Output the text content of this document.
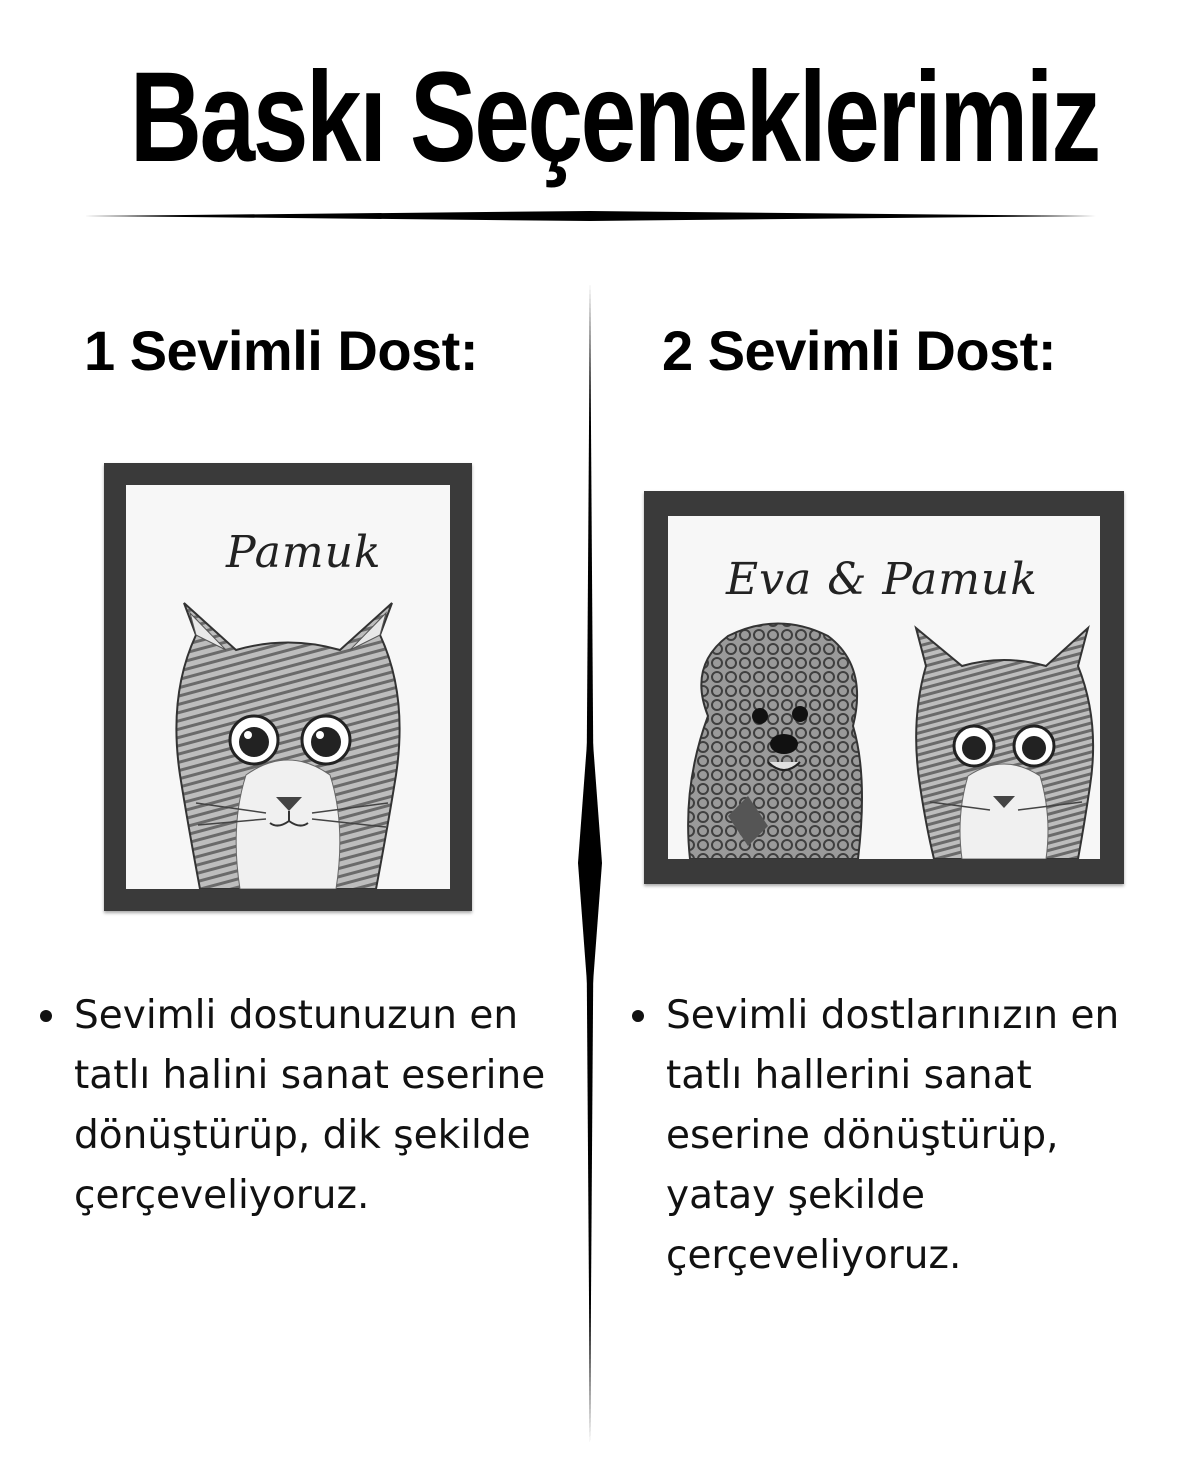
Baskı Seçeneklerimiz
1 Sevimli Dost:	2 Sevimli Dost:
Pamuk
Eva & Pamuk
Sevimli dostunuzun en tatlı halini sanat eserine dönüştürüp, dik şekilde çerçeveliyoruz.
Sevimli dostlarınızın en tatlı hallerini sanat eserine dönüştürüp, yatay şekilde çerçeveliyoruz.
